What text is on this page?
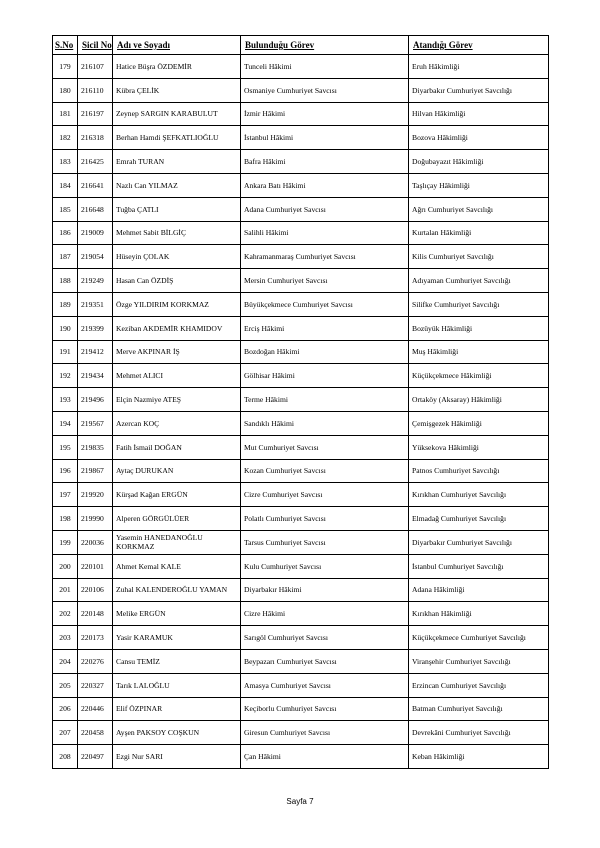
S.No	Sicil No	Adı ve Soyadı	Bulunduğu Görev	Atandığı Görev
179	216107	Hatice Büşra ÖZDEMİR	Tunceli Hâkimi	Eruh Hâkimliği
180	216110	Kübra ÇELİK	Osmaniye Cumhuriyet Savcısı	Diyarbakır Cumhuriyet Savcılığı
181	216197	Zeynep SARGIN KARABULUT	İzmir Hâkimi	Hilvan Hâkimliği
182	216318	Berhan Hamdi ŞEFKATLIOĞLU	İstanbul Hâkimi	Bozova Hâkimliği
183	216425	Emrah TURAN	Bafra Hâkimi	Doğubayazıt Hâkimliği
184	216641	Nazlı Can YILMAZ	Ankara Batı Hâkimi	Taşlıçay Hâkimliği
185	216648	Tuğba ÇATLI	Adana Cumhuriyet Savcısı	Ağrı Cumhuriyet Savcılığı
186	219009	Mehmet Sabit BİLGİÇ	Salihli Hâkimi	Kurtalan Hâkimliği
187	219054	Hüseyin ÇOLAK	Kahramanmaraş Cumhuriyet Savcısı	Kilis Cumhuriyet Savcılığı
188	219249	Hasan Can ÖZDİŞ	Mersin Cumhuriyet Savcısı	Adıyaman Cumhuriyet Savcılığı
189	219351	Özge YILDIRIM KORKMAZ	Büyükçekmece Cumhuriyet Savcısı	Silifke Cumhuriyet Savcılığı
190	219399	Keziban AKDEMİR KHAMIDOV	Erciş Hâkimi	Bozüyük Hâkimliği
191	219412	Merve AKPINAR İŞ	Bozdoğan Hâkimi	Muş Hâkimliği
192	219434	Mehmet ALICI	Gölhisar Hâkimi	Küçükçekmece Hâkimliği
193	219496	Elçin Nazmiye ATEŞ	Terme Hâkimi	Ortaköy (Aksaray) Hâkimliği
194	219567	Azercan KOÇ	Sandıklı Hâkimi	Çemişgezek Hâkimliği
195	219835	Fatih İsmail DOĞAN	Mut Cumhuriyet Savcısı	Yüksekova Hâkimliği
196	219867	Aytaç DURUKAN	Kozan Cumhuriyet Savcısı	Patnos Cumhuriyet Savcılığı
197	219920	Kürşad Kağan ERGÜN	Cizre Cumhuriyet Savcısı	Kırıkhan Cumhuriyet Savcılığı
198	219990	Alperen GÖRGÜLÜER	Polatlı Cumhuriyet Savcısı	Elmadağ Cumhuriyet Savcılığı
199	220036	Yasemin HANEDANOĞLU KORKMAZ	Tarsus Cumhuriyet Savcısı	Diyarbakır Cumhuriyet Savcılığı
200	220101	Ahmet Kemal KALE	Kulu Cumhuriyet Savcısı	İstanbul Cumhuriyet Savcılığı
201	220106	Zuhal KALENDEROĞLU YAMAN	Diyarbakır Hâkimi	Adana Hâkimliği
202	220148	Melike ERGÜN	Cizre Hâkimi	Kırıkhan Hâkimliği
203	220173	Yasir KARAMUK	Sarıgöl Cumhuriyet Savcısı	Küçükçekmece Cumhuriyet Savcılığı
204	220276	Cansu TEMİZ	Beypazarı Cumhuriyet Savcısı	Viranşehir Cumhuriyet Savcılığı
205	220327	Tarık LALOĞLU	Amasya Cumhuriyet Savcısı	Erzincan Cumhuriyet Savcılığı
206	220446	Elif ÖZPINAR	Keçiborlu Cumhuriyet Savcısı	Batman Cumhuriyet Savcılığı
207	220458	Ayşen PAKSOY COŞKUN	Giresun Cumhuriyet Savcısı	Devrekâni Cumhuriyet Savcılığı
208	220497	Ezgi Nur SARI	Çan Hâkimi	Keban Hâkimliği
Sayfa 7
